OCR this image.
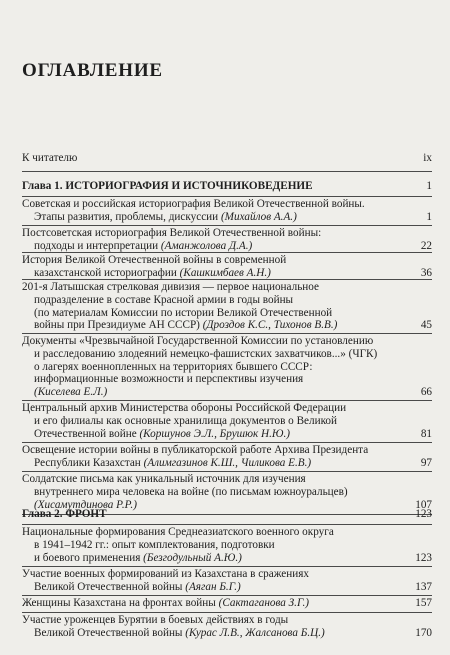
ОГЛАВЛЕНИЕ
К читателю	ix
Глава 1. ИСТОРИОГРАФИЯ И ИСТОЧНИКОВЕДЕНИЕ	1
Советская и российская историография Великой Отечественной войны.
Этапы развития, проблемы, дискуссии (Михайлов А.А.)	1
Постсоветская историография Великой Отечественной войны:
подходы и интерпретации (Аманжолова Д.А.)	22
История Великой Отечественной войны в современной
казахстанской историографии (Кашкимбаев А.Н.)	36
201-я Латышская стрелковая дивизия — первое национальное
подразделение в составе Красной армии в годы войны
(по материалам Комиссии по истории Великой Отечественной
войны при Президиуме АН СССР) (Дроздов К.С., Тихонов В.В.)	45
Документы «Чрезвычайной Государственной Комиссии по установлению
и расследованию злодеяний немецко-фашистских захватчиков...» (ЧГК)
о лагерях военнопленных на территориях бывшего СССР:
информационные возможности и перспективы изучения
(Киселева Е.Л.)	66
Центральный архив Министерства обороны Российской Федерации
и его филиалы как основные хранилища документов о Великой
Отечественной войне (Коршунов Э.Л., Брушюк Н.Ю.)	81
Освещение истории войны в публикаторской работе Архива Президента
Республики Казахстан (Алимгазинов К.Ш., Чиликова Е.В.)	97
Солдатские письма как уникальный источник для изучения
внутреннего мира человека на войне (по письмам южноуральцев)
(Хисамутдинова Р.Р.)	107
Глава 2. ФРОНТ	123
Национальные формирования Среднеазиатского военного округа
в 1941–1942 гг.: опыт комплектования, подготовки
и боевого применения (Безгодульный А.Ю.)	123
Участие военных формирований из Казахстана в сражениях
Великой Отечественной войны (Аяган Б.Г.)	137
Женщины Казахстана на фронтах войны (Сактаганова З.Г.)	157
Участие уроженцев Бурятии в боевых действиях в годы
Великой Отечественной войны (Курас Л.В., Жалсанова Б.Ц.)	170
